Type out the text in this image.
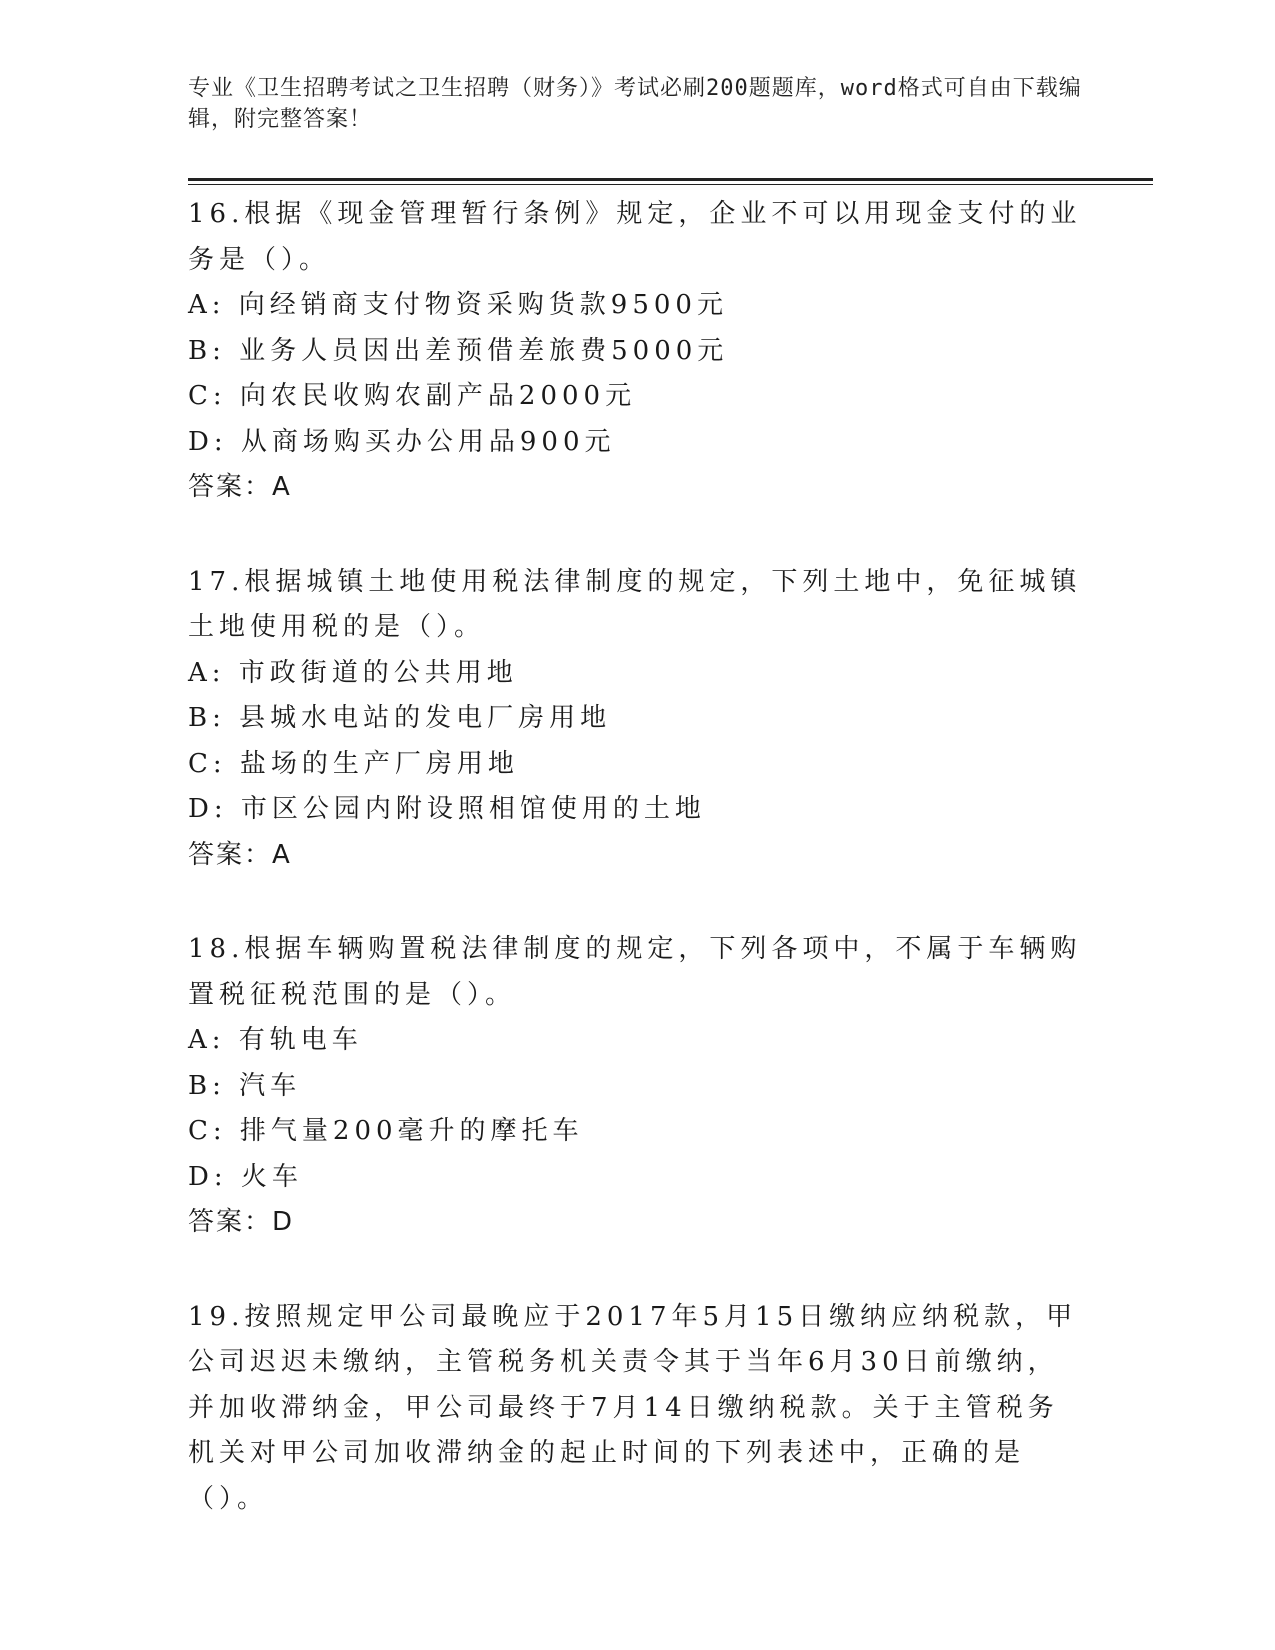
专业《卫生招聘考试之卫生招聘（财务）》考试必刷200题题库，word格式可自由下载编辑，附完整答案！

16.根据《现金管理暂行条例》规定，企业不可以用现金支付的业务是（）。

A: 向经销商支付物资采购货款9500元

B: 业务人员因出差预借差旅费5000元

C: 向农民收购农副产品2000元

D: 从商场购买办公用品900元

答案：A

17.根据城镇土地使用税法律制度的规定，下列土地中，免征城镇土地使用税的是（）。

A: 市政街道的公共用地

B: 县城水电站的发电厂房用地

C: 盐场的生产厂房用地

D: 市区公园内附设照相馆使用的土地

答案：A

18.根据车辆购置税法律制度的规定，下列各项中，不属于车辆购置税征税范围的是（）。

A: 有轨电车

B: 汽车

C: 排气量200毫升的摩托车

D: 火车

答案：D

19.按照规定甲公司最晚应于2017年5月15日缴纳应纳税款，甲公司迟迟未缴纳，主管税务机关责令其于当年6月30日前缴纳，并加收滞纳金，甲公司最终于7月14日缴纳税款。关于主管税务机关对甲公司加收滞纳金的起止时间的下列表述中，正确的是（）。
